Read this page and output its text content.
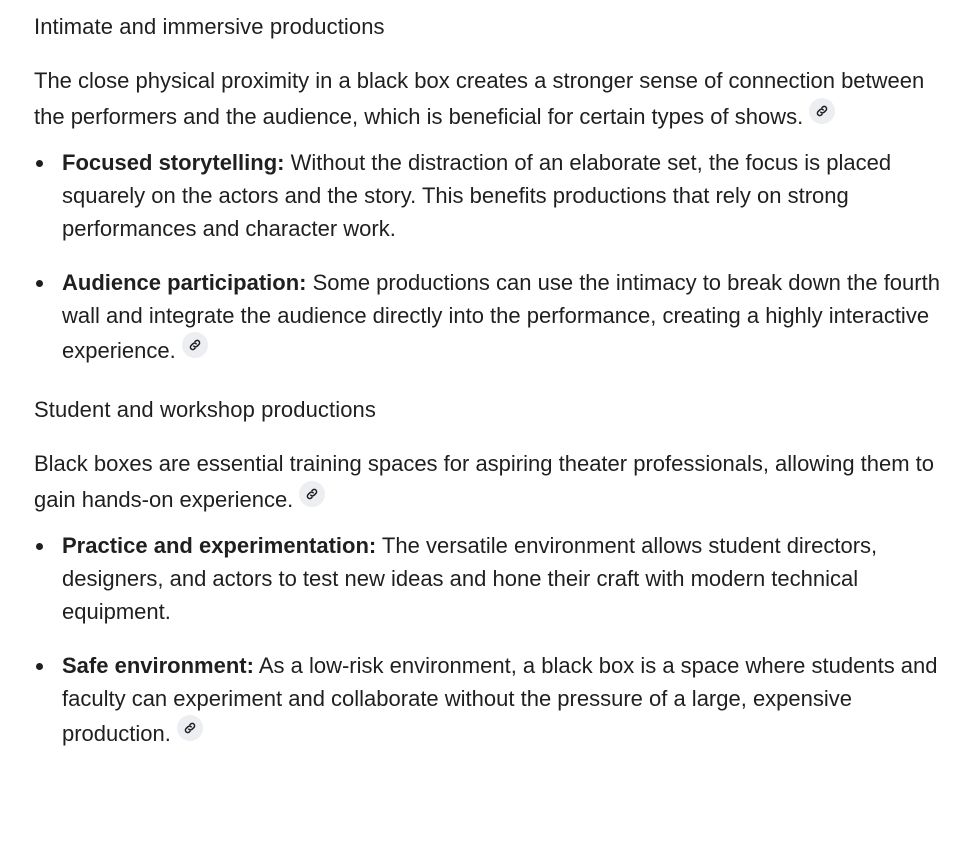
Intimate and immersive productions

The close physical proximity in a black box creates a stronger sense of connection between the performers and the audience, which is beneficial for certain types of shows.

Focused storytelling: Without the distraction of an elaborate set, the focus is placed squarely on the actors and the story. This benefits productions that rely on strong performances and character work.
Audience participation: Some productions can use the intimacy to break down the fourth wall and integrate the audience directly into the performance, creating a highly interactive experience.
Student and workshop productions

Black boxes are essential training spaces for aspiring theater professionals, allowing them to gain hands-on experience.

Practice and experimentation: The versatile environment allows student directors, designers, and actors to test new ideas and hone their craft with modern technical equipment.
Safe environment: As a low-risk environment, a black box is a space where students and faculty can experiment and collaborate without the pressure of a large, expensive production.
